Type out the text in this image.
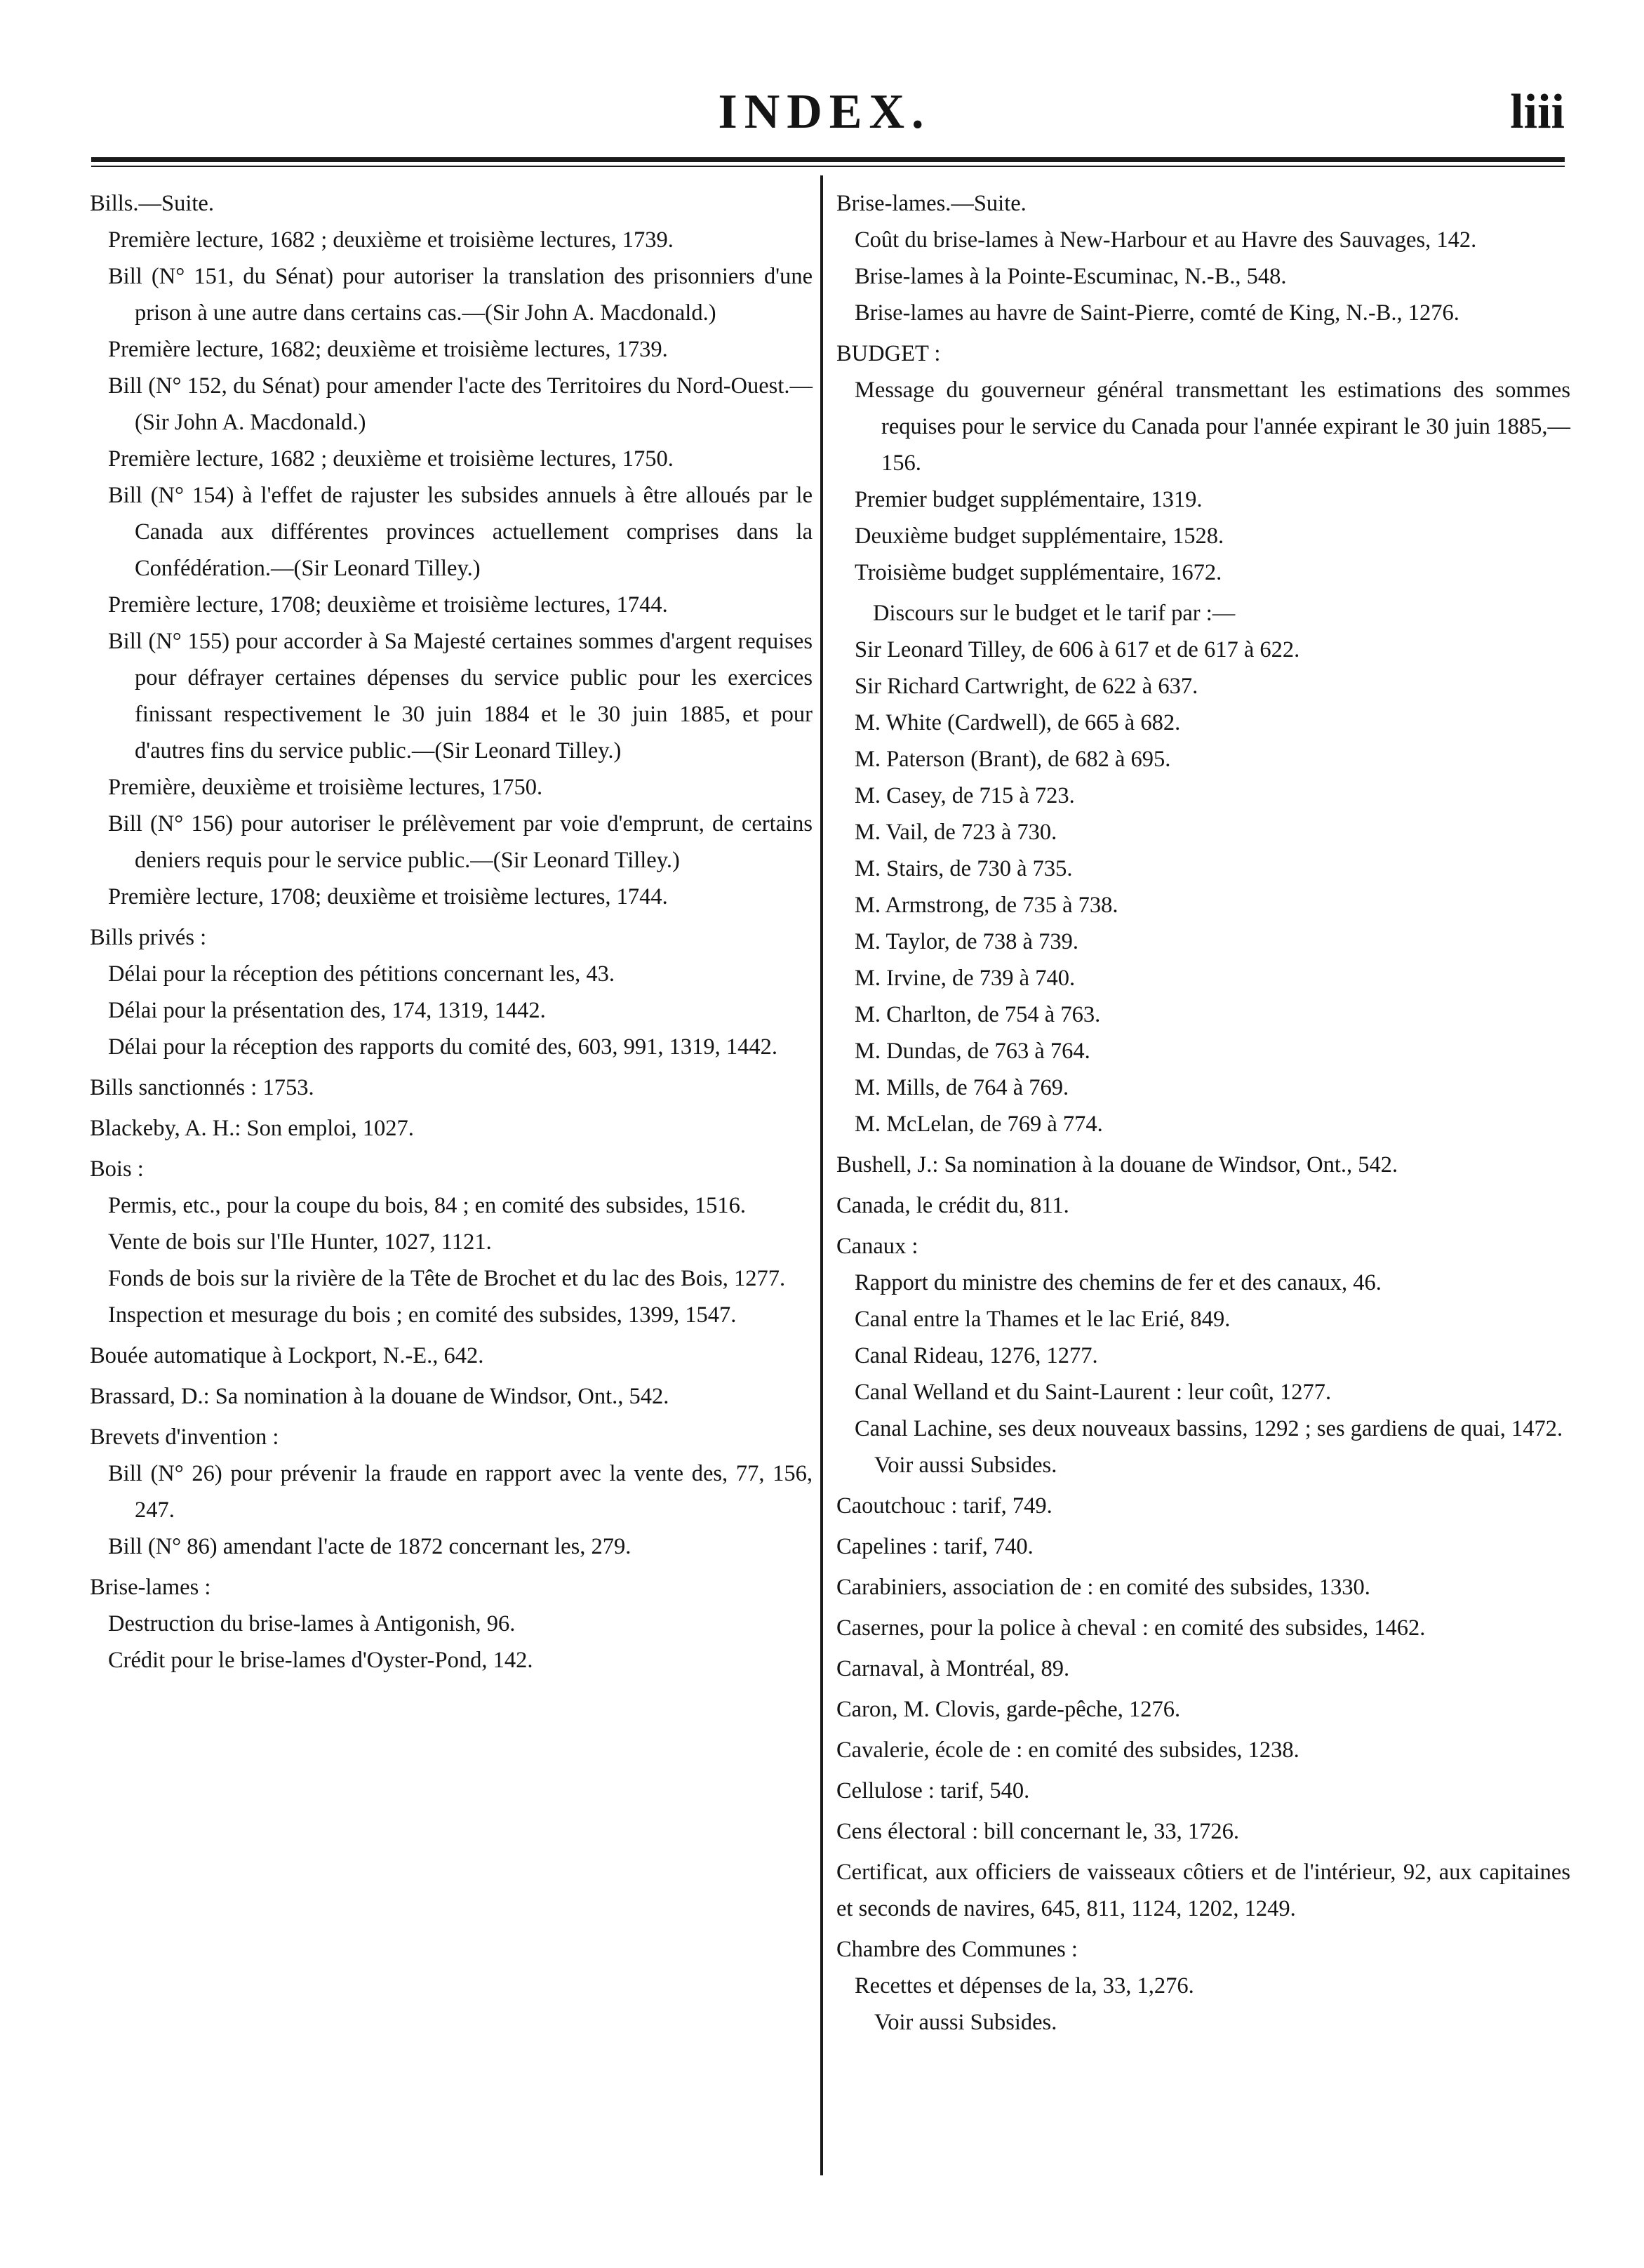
INDEX.	liii

Bills.—Suite.

Première lecture, 1682 ; deuxième et troisième lectures, 1739.

Bill (N° 151, du Sénat) pour autoriser la translation des prisonniers d'une prison à une autre dans certains cas.—(Sir John A. Macdonald.)

Première lecture, 1682; deuxième et troisième lectures, 1739.

Bill (N° 152, du Sénat) pour amender l'acte des Territoires du Nord-Ouest.—(Sir John A. Macdonald.)

Première lecture, 1682 ; deuxième et troisième lectures, 1750.

Bill (N° 154) à l'effet de rajuster les subsides annuels à être alloués par le Canada aux différentes provinces actuellement comprises dans la Confédération.—(Sir Leonard Tilley.)

Première lecture, 1708; deuxième et troisième lectures, 1744.

Bill (N° 155) pour accorder à Sa Majesté certaines sommes d'argent requises pour défrayer certaines dépenses du service public pour les exercices finissant respectivement le 30 juin 1884 et le 30 juin 1885, et pour d'autres fins du service public.—(Sir Leonard Tilley.)

Première, deuxième et troisième lectures, 1750.

Bill (N° 156) pour autoriser le prélèvement par voie d'emprunt, de certains deniers requis pour le service public.—(Sir Leonard Tilley.)

Première lecture, 1708; deuxième et troisième lectures, 1744.

Bills privés :

Délai pour la réception des pétitions concernant les, 43.

Délai pour la présentation des, 174, 1319, 1442.

Délai pour la réception des rapports du comité des, 603, 991, 1319, 1442.

Bills sanctionnés : 1753.

Blackeby, A. H.: Son emploi, 1027.

Bois :

Permis, etc., pour la coupe du bois, 84 ; en comité des subsides, 1516.

Vente de bois sur l'Ile Hunter, 1027, 1121.

Fonds de bois sur la rivière de la Tête de Brochet et du lac des Bois, 1277.

Inspection et mesurage du bois ; en comité des subsides, 1399, 1547.

Bouée automatique à Lockport, N.-E., 642.

Brassard, D.: Sa nomination à la douane de Windsor, Ont., 542.

Brevets d'invention :

Bill (N° 26) pour prévenir la fraude en rapport avec la vente des, 77, 156, 247.

Bill (N° 86) amendant l'acte de 1872 concernant les, 279.

Brise-lames :

Destruction du brise-lames à Antigonish, 96.

Crédit pour le brise-lames d'Oyster-Pond, 142.

Brise-lames.—Suite.

Coût du brise-lames à New-Harbour et au Havre des Sauvages, 142.

Brise-lames à la Pointe-Escuminac, N.-B., 548.

Brise-lames au havre de Saint-Pierre, comté de King, N.-B., 1276.

BUDGET :

Message du gouverneur général transmettant les estimations des sommes requises pour le service du Canada pour l'année expirant le 30 juin 1885,—156.

Premier budget supplémentaire, 1319.

Deuxième budget supplémentaire, 1528.

Troisième budget supplémentaire, 1672.

Discours sur le budget et le tarif par :—

Sir Leonard Tilley, de 606 à 617 et de 617 à 622.

Sir Richard Cartwright, de 622 à 637.

M. White (Cardwell), de 665 à 682.

M. Paterson (Brant), de 682 à 695.

M. Casey, de 715 à 723.

M. Vail, de 723 à 730.

M. Stairs, de 730 à 735.

M. Armstrong, de 735 à 738.

M. Taylor, de 738 à 739.

M. Irvine, de 739 à 740.

M. Charlton, de 754 à 763.

M. Dundas, de 763 à 764.

M. Mills, de 764 à 769.

M. McLelan, de 769 à 774.

Bushell, J.: Sa nomination à la douane de Windsor, Ont., 542.

Canada, le crédit du, 811.

Canaux :

Rapport du ministre des chemins de fer et des canaux, 46.

Canal entre la Thames et le lac Erié, 849.

Canal Rideau, 1276, 1277.

Canal Welland et du Saint-Laurent : leur coût, 1277.

Canal Lachine, ses deux nouveaux bassins, 1292 ; ses gardiens de quai, 1472.

Voir aussi Subsides.

Caoutchouc : tarif, 749.

Capelines : tarif, 740.

Carabiniers, association de : en comité des subsides, 1330.

Casernes, pour la police à cheval : en comité des subsides, 1462.

Carnaval, à Montréal, 89.

Caron, M. Clovis, garde-pêche, 1276.

Cavalerie, école de : en comité des subsides, 1238.

Cellulose : tarif, 540.

Cens électoral : bill concernant le, 33, 1726.

Certificat, aux officiers de vaisseaux côtiers et de l'intérieur, 92, aux capitaines et seconds de navires, 645, 811, 1124, 1202, 1249.

Chambre des Communes :

Recettes et dépenses de la, 33, 1,276.

Voir aussi Subsides.
